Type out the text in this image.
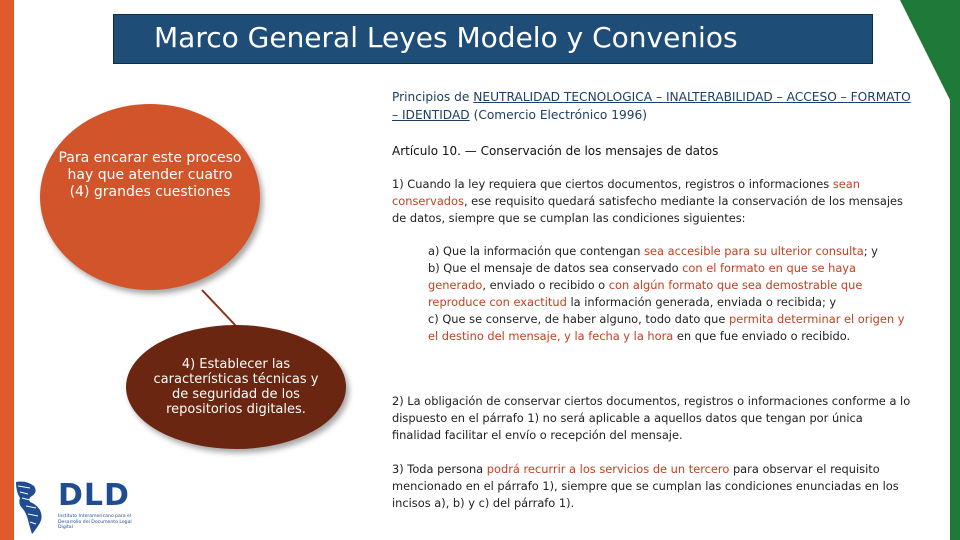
Marco General Leyes Modelo y Convenios
Para encarar este proceso hay que atender cuatro (4) grandes cuestiones
4) Establecer las características técnicas y de seguridad de los repositorios digitales.
Principios de NEUTRALIDAD TECNOLOGICA – INALTERABILIDAD – ACCESO – FORMATO – IDENTIDAD (Comercio Electrónico 1996)
Artículo 10. — Conservación de los mensajes de datos
1) Cuando la ley requiera que ciertos documentos, registros o informaciones sean conservados, ese requisito quedará satisfecho mediante la conservación de los mensajes de datos, siempre que se cumplan las condiciones siguientes:
a) Que la información que contengan sea accesible para su ulterior consulta; y
b) Que el mensaje de datos sea conservado con el formato en que se haya generado, enviado o recibido o con algún formato que sea demostrable que reproduce con exactitud la información generada, enviada o recibida; y
c) Que se conserve, de haber alguno, todo dato que permita determinar el origen y el destino del mensaje, y la fecha y la hora en que fue enviado o recibido.
2) La obligación de conservar ciertos documentos, registros o informaciones conforme a lo dispuesto en el párrafo 1) no será aplicable a aquellos datos que tengan por única finalidad facilitar el envío o recepción del mensaje.
3) Toda persona podrá recurrir a los servicios de un tercero para observar el requisito mencionado en el párrafo 1), siempre que se cumplan las condiciones enunciadas en los incisos a), b) y c) del párrafo 1).
DLD
Instituto Interamericano para el Desarrollo del Documento Legal Digital
